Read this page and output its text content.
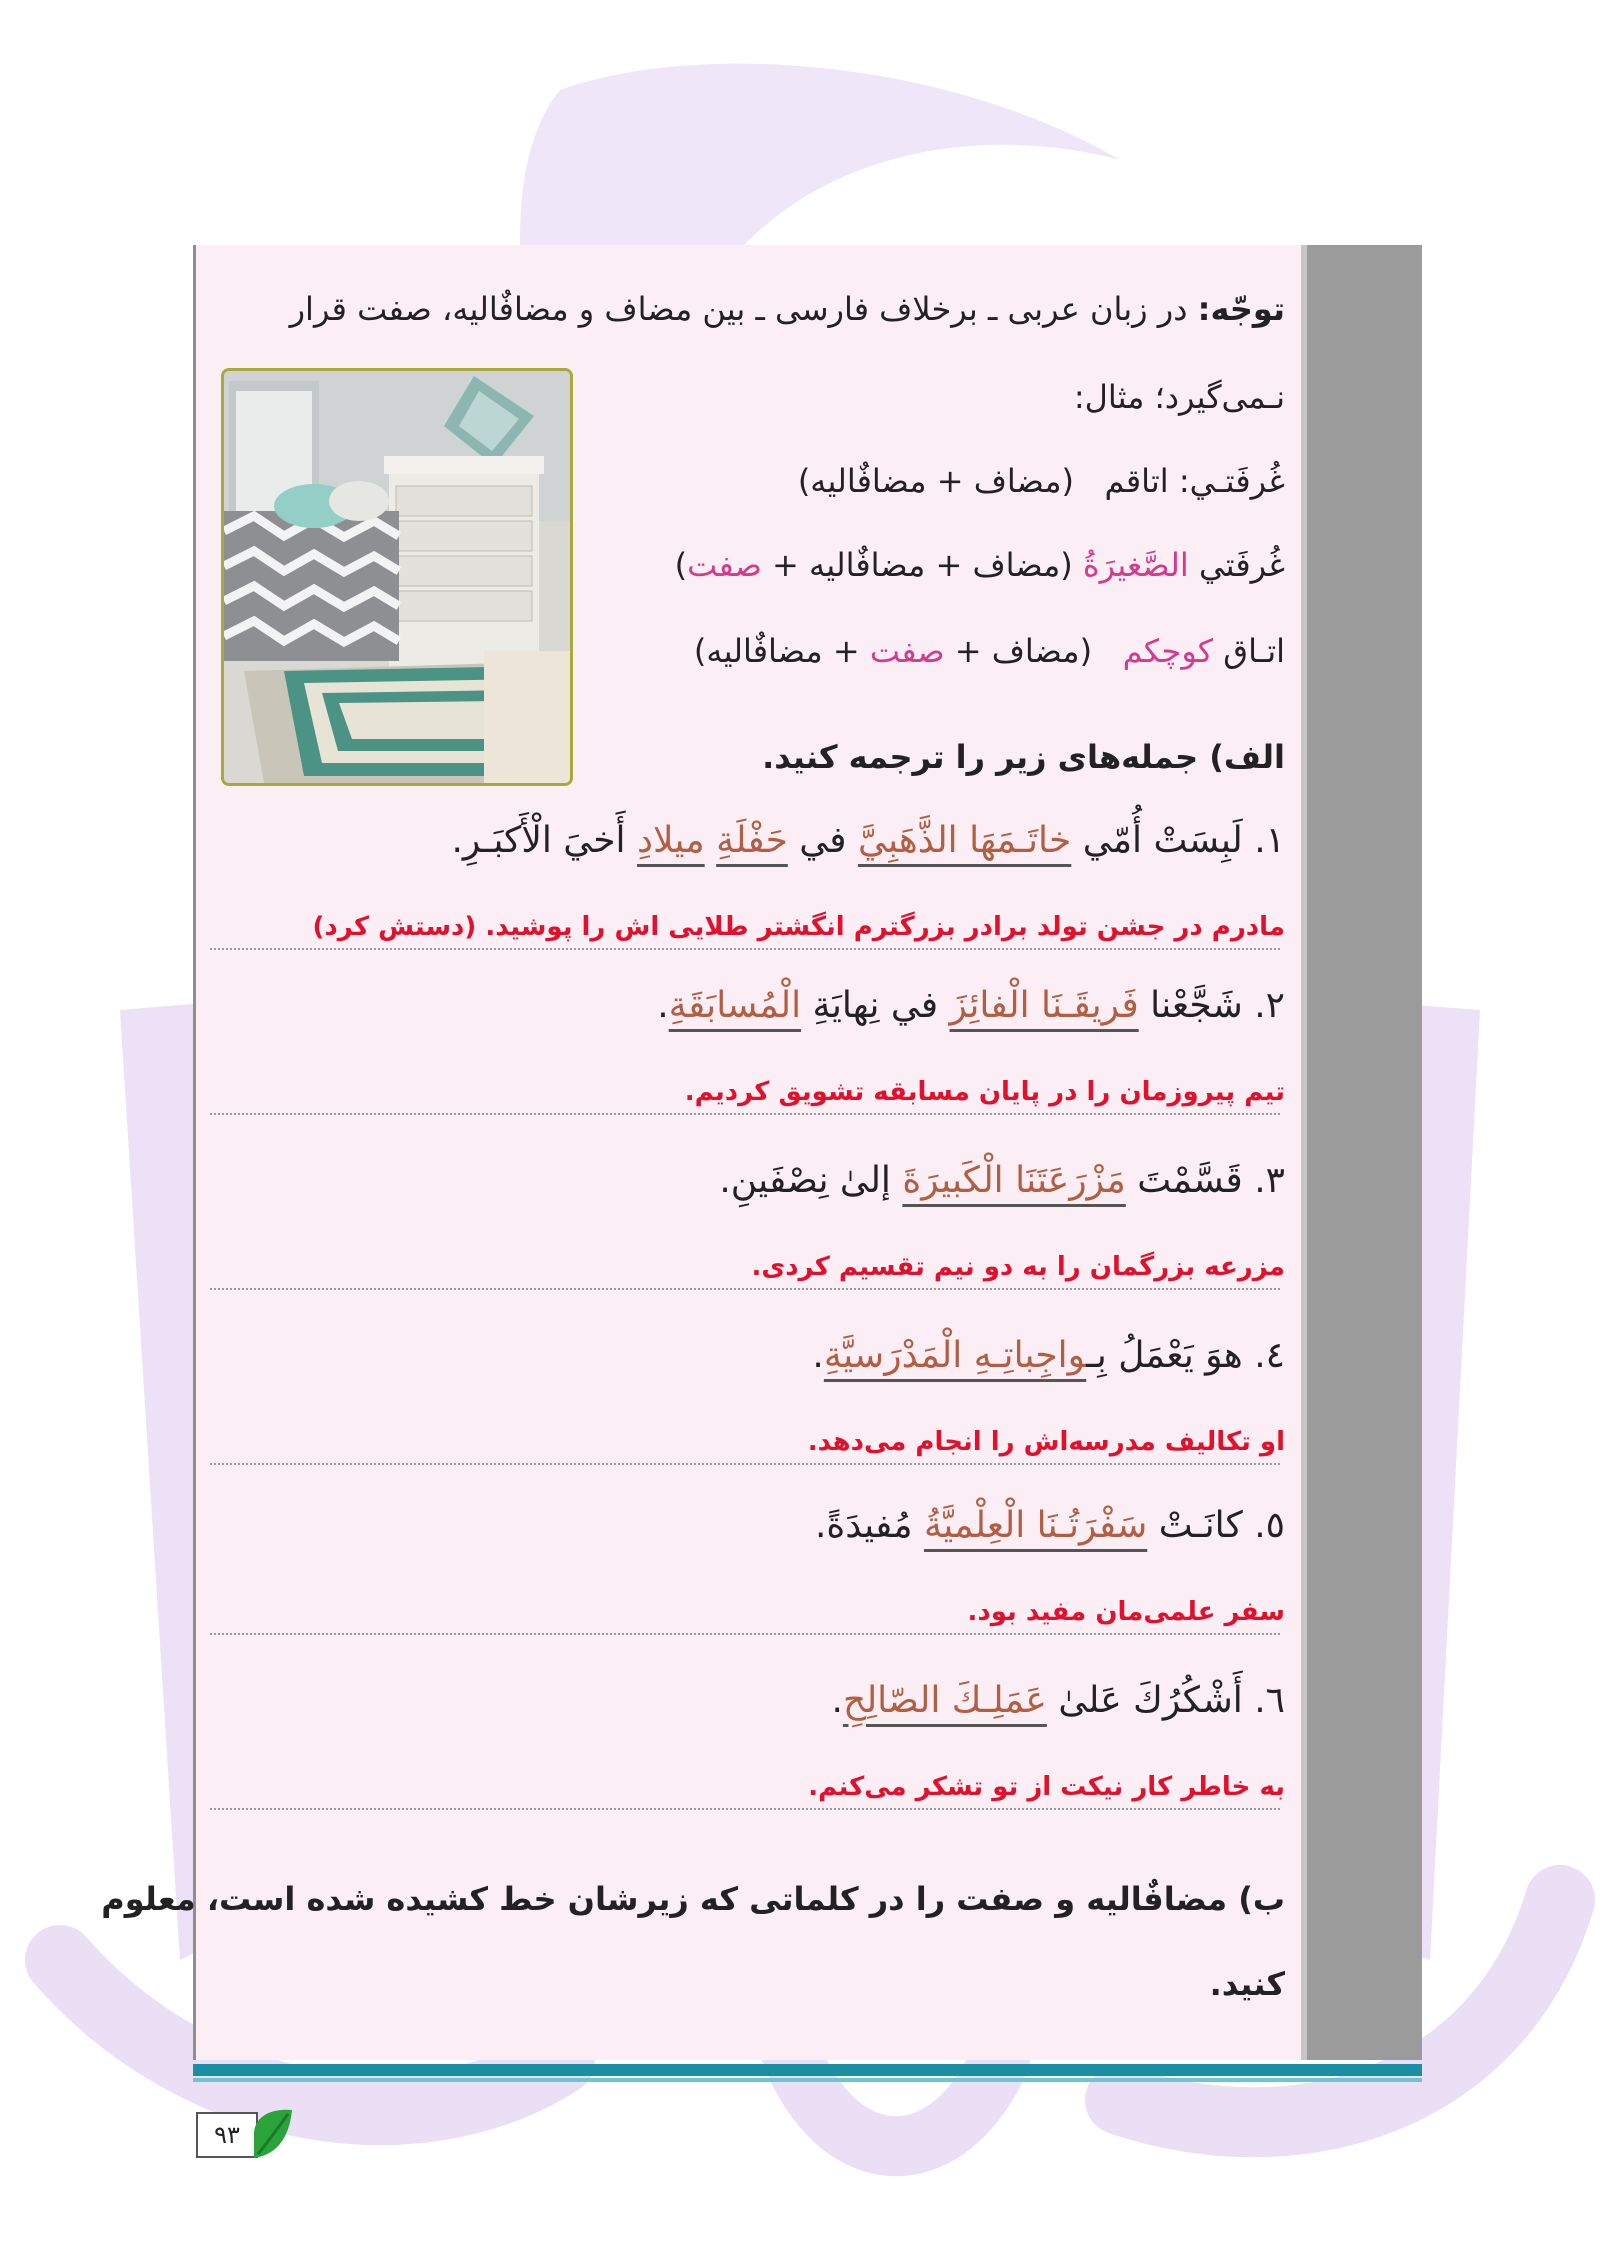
توجّه: در زبان عربی ـ برخلاف فارسی ـ بین مضاف و مضافٌالیه، صفت قرار
نـمی‌گیرد؛ مثال:
غُرفَتـي: اتاقم   (مضاف + مضافٌالیه)
غُرفَتي الصَّغيرَةُ (مضاف + مضافٌالیه + صفت)
اتـاق کوچکم   (مضاف + صفت + مضافٌالیه)
الف) جمله‌های زیر را ترجمه کنید.
١. لَبِسَتْ أُمّي خاتَـمَهَا الذَّهَبِيَّ في حَفْلَةِ ميلادِ أَخيَ الْأَكبَـرِ.
مادرم در جشن تولد برادر بزرگترم انگشتر طلایی اش را پوشید. (دستش کرد)
٢. شَجَّعْنا فَريقَـنَا الْفائِزَ في نِهايَةِ الْمُسابَقَةِ.
تیم پیروزمان را در پایان مسابقه تشویق کردیم.
٣. قَسَّمْتَ مَزْرَعَتَنَا الْكَبيرَةَ إلىٰ نِصْفَينِ.
مزرعه بزرگمان را به دو نیم تقسیم کردی.
٤. هوَ يَعْمَلُ بِـواجِباتِـهِ الْمَدْرَسيَّةِ.
او تکالیف مدرسه‌اش را انجام می‌دهد.
٥. كانَـتْ سَفْرَتُـنَا الْعِلْميَّةُ مُفيدَةً.
سفر علمی‌مان مفید بود.
٦. أَشْكُرُكَ عَلىٰ عَمَلِـكَ الصّالِحِ.
به خاطر کار نیکت از تو تشکر می‌کنم.
ب) مضافٌالیه و صفت را در کلماتی که زیرشان خط کشیده شده است، معلوم
کنید.
٩٣
